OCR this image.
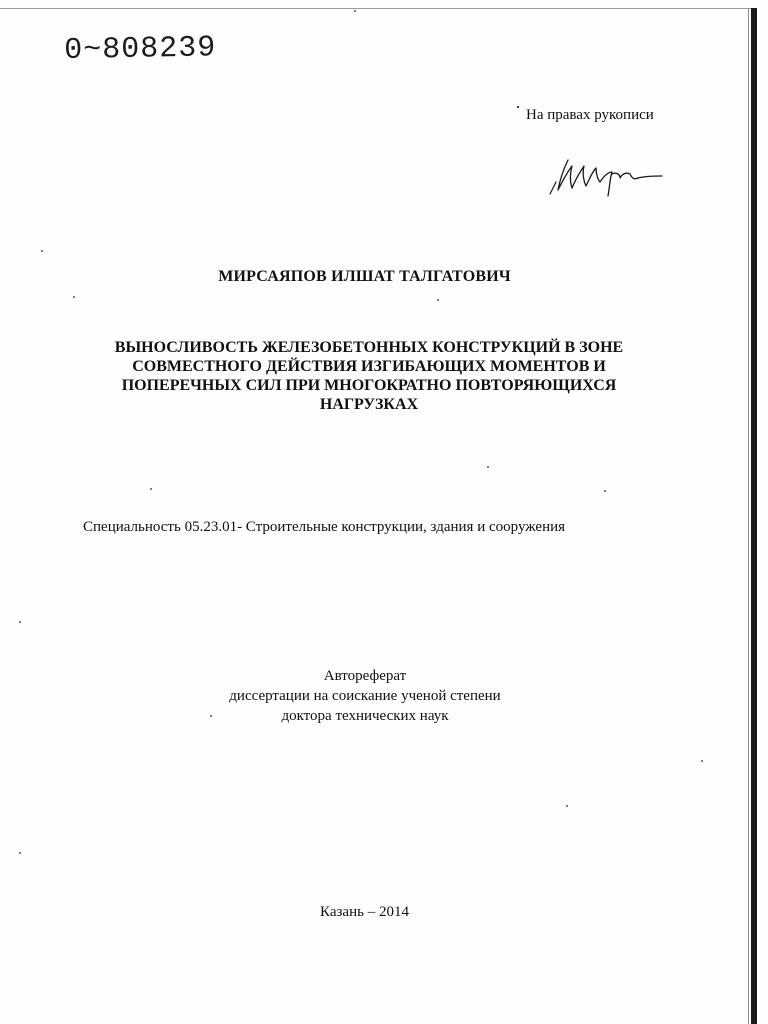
0~808239
На правах рукописи
МИРСАЯПОВ ИЛШАТ ТАЛГАТОВИЧ
ВЫНОСЛИВОСТЬ ЖЕЛЕЗОБЕТОННЫХ КОНСТРУКЦИЙ В ЗОНЕ
СОВМЕСТНОГО ДЕЙСТВИЯ ИЗГИБАЮЩИХ МОМЕНТОВ И
ПОПЕРЕЧНЫХ СИЛ ПРИ МНОГОКРАТНО ПОВТОРЯЮЩИХСЯ
НАГРУЗКАХ
Специальность 05.23.01- Строительные конструкции, здания и сооружения
Автореферат
диссертации на соискание ученой степени
доктора технических наук
Казань – 2014
